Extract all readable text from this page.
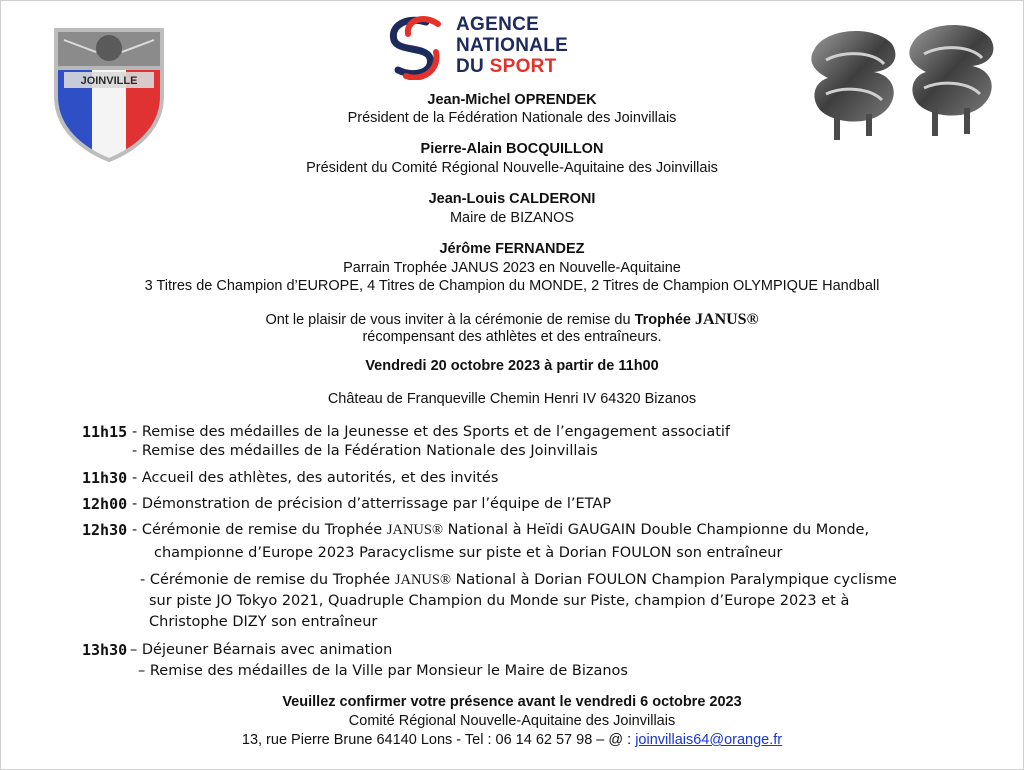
JOINVILLE
AGENCE
NATIONALE
DU SPORT
Jean-Michel OPRENDEK
Président de la Fédération Nationale des Joinvillais
Pierre-Alain BOCQUILLON
Président du Comité Régional Nouvelle-Aquitaine des Joinvillais
Jean-Louis CALDERONI
Maire de BIZANOS
Jérôme FERNANDEZ
Parrain Trophée JANUS 2023 en Nouvelle-Aquitaine
3 Titres de Champion d’EUROPE, 4 Titres de Champion du MONDE, 2 Titres de Champion OLYMPIQUE Handball
Ont le plaisir de vous inviter à la cérémonie de remise du Trophée JANUS®
récompensant des athlètes et des entraîneurs.
Vendredi 20 octobre 2023 à partir de 11h00
Château de Franqueville Chemin Henri IV 64320 Bizanos
11h15 - Remise des médailles de la Jeunesse et des Sports et de l’engagement associatif
- Remise des médailles de la Fédération Nationale des Joinvillais
11h30 - Accueil des athlètes, des autorités, et des invités
12h00 - Démonstration de précision d’atterrissage par l’équipe de l’ETAP
12h30 - Cérémonie de remise du Trophée JANUS® National à Heïdi GAUGAIN Double Championne du Monde,
championne d’Europe 2023 Paracyclisme sur piste et à Dorian FOULON son entraîneur
- Cérémonie de remise du Trophée JANUS® National à Dorian FOULON Champion Paralympique cyclisme
sur piste JO Tokyo 2021, Quadruple Champion du Monde sur Piste, champion d’Europe 2023 et à
Christophe DIZY son entraîneur
13h30 – Déjeuner Béarnais avec animation
– Remise des médailles de la Ville par Monsieur le Maire de Bizanos
Veuillez confirmer votre présence avant le vendredi 6 octobre 2023
Comité Régional Nouvelle-Aquitaine des Joinvillais
13, rue Pierre Brune 64140 Lons - Tel : 06 14 62 57 98 – @ : joinvillais64@orange.fr
